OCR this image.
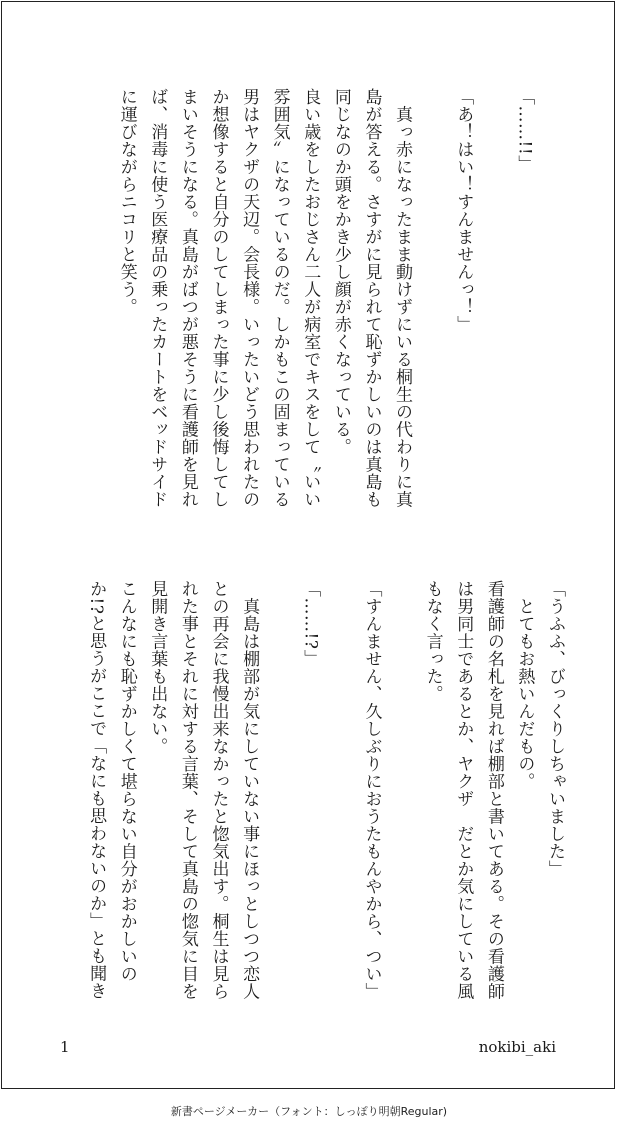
「……!!」
「あ！はい！すんませんっ！」
　真っ赤になったまま動けずにいる桐生の代わりに真
島が答える。さすがに見られて恥ずかしいのは真島も
同じなのか頭をかき少し顔が赤くなっている。
良い歳をしたおじさん二人が病室でキスをして〝いい
雰囲気〟になっているのだ。しかもこの固まっている
男はヤクザの天辺。会長様。いったいどう思われたの
か想像すると自分のしてしまった事に少し後悔してし
まいそうになる。真島がばつが悪そうに看護師を見れ
ば、消毒に使う医療品の乗ったカートをベッドサイド
に運びながらニコリと笑う。
「うふふ、びっくりしちゃいました」
　とてもお熱いんだもの。
看護師の名札を見れば棚部と書いてある。その看護師
は男同士であるとか、ヤクザ　だとか気にしている風
もなく言った。
「すんません、久しぶりにおうたもんやから、つい」
「……!?」
　真島は棚部が気にしていない事にほっとしつつ恋人
との再会に我慢出来なかったと惚気出す。桐生は見ら
れた事とそれに対する言葉、そして真島の惚気に目を
見開き言葉も出ない。
こんなにも恥ずかしくて堪らない自分がおかしいの
か!?と思うがここで「なにも思わないのか」とも聞き
1	nokibi_aki
新書ページメーカー（フォント：しっぽり明朝Regular)
